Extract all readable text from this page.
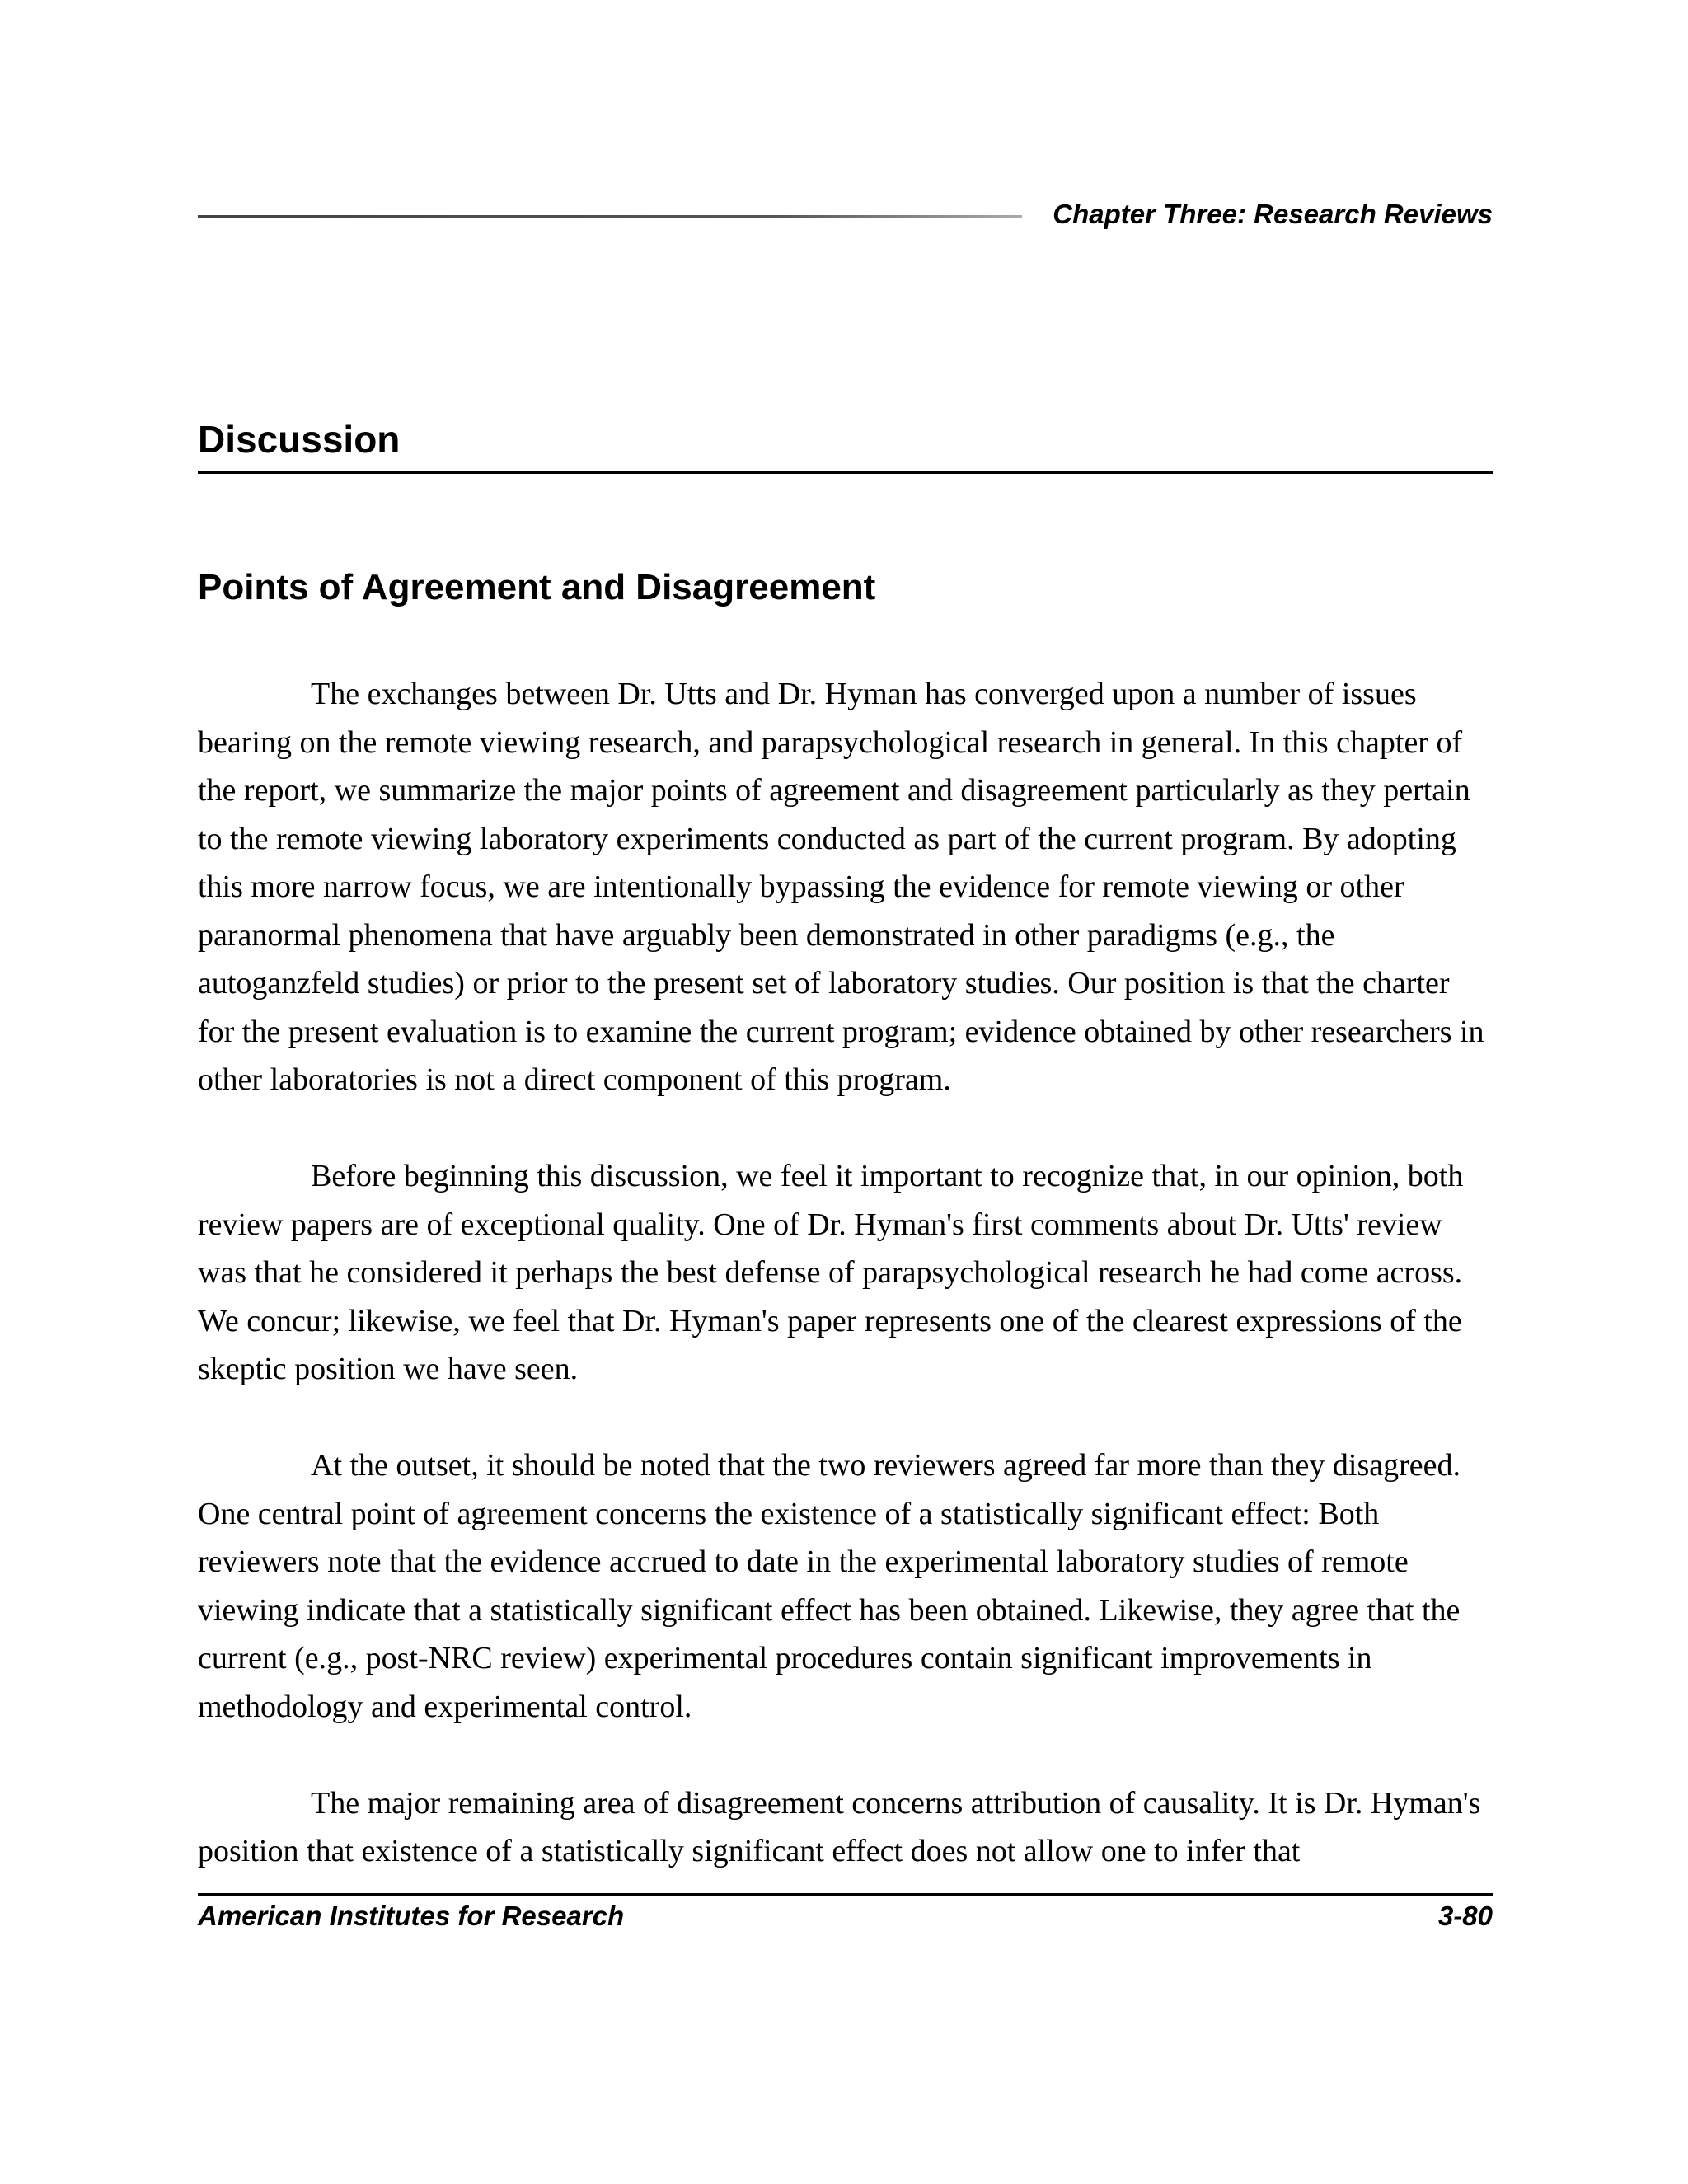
Chapter Three: Research Reviews
Discussion
Points of Agreement and Disagreement

The exchanges between Dr. Utts and Dr. Hyman has converged upon a number of issues bearing on the remote viewing research, and parapsychological research in general. In this chapter of the report, we summarize the major points of agreement and disagreement particularly as they pertain to the remote viewing laboratory experiments conducted as part of the current program. By adopting this more narrow focus, we are intentionally bypassing the evidence for remote viewing or other paranormal phenomena that have arguably been demonstrated in other paradigms (e.g., the autoganzfeld studies) or prior to the present set of laboratory studies. Our position is that the charter for the present evaluation is to examine the current program; evidence obtained by other researchers in other laboratories is not a direct component of this program.

Before beginning this discussion, we feel it important to recognize that, in our opinion, both review papers are of exceptional quality. One of Dr. Hyman's first comments about Dr. Utts' review was that he considered it perhaps the best defense of parapsychological research he had come across. We concur; likewise, we feel that Dr. Hyman's paper represents one of the clearest expressions of the skeptic position we have seen.

At the outset, it should be noted that the two reviewers agreed far more than they disagreed. One central point of agreement concerns the existence of a statistically significant effect: Both reviewers note that the evidence accrued to date in the experimental laboratory studies of remote viewing indicate that a statistically significant effect has been obtained. Likewise, they agree that the current (e.g., post-NRC review) experimental procedures contain significant improvements in methodology and experimental control.

The major remaining area of disagreement concerns attribution of causality. It is Dr. Hyman's position that existence of a statistically significant effect does not allow one to infer that

American Institutes for Research	3-80
